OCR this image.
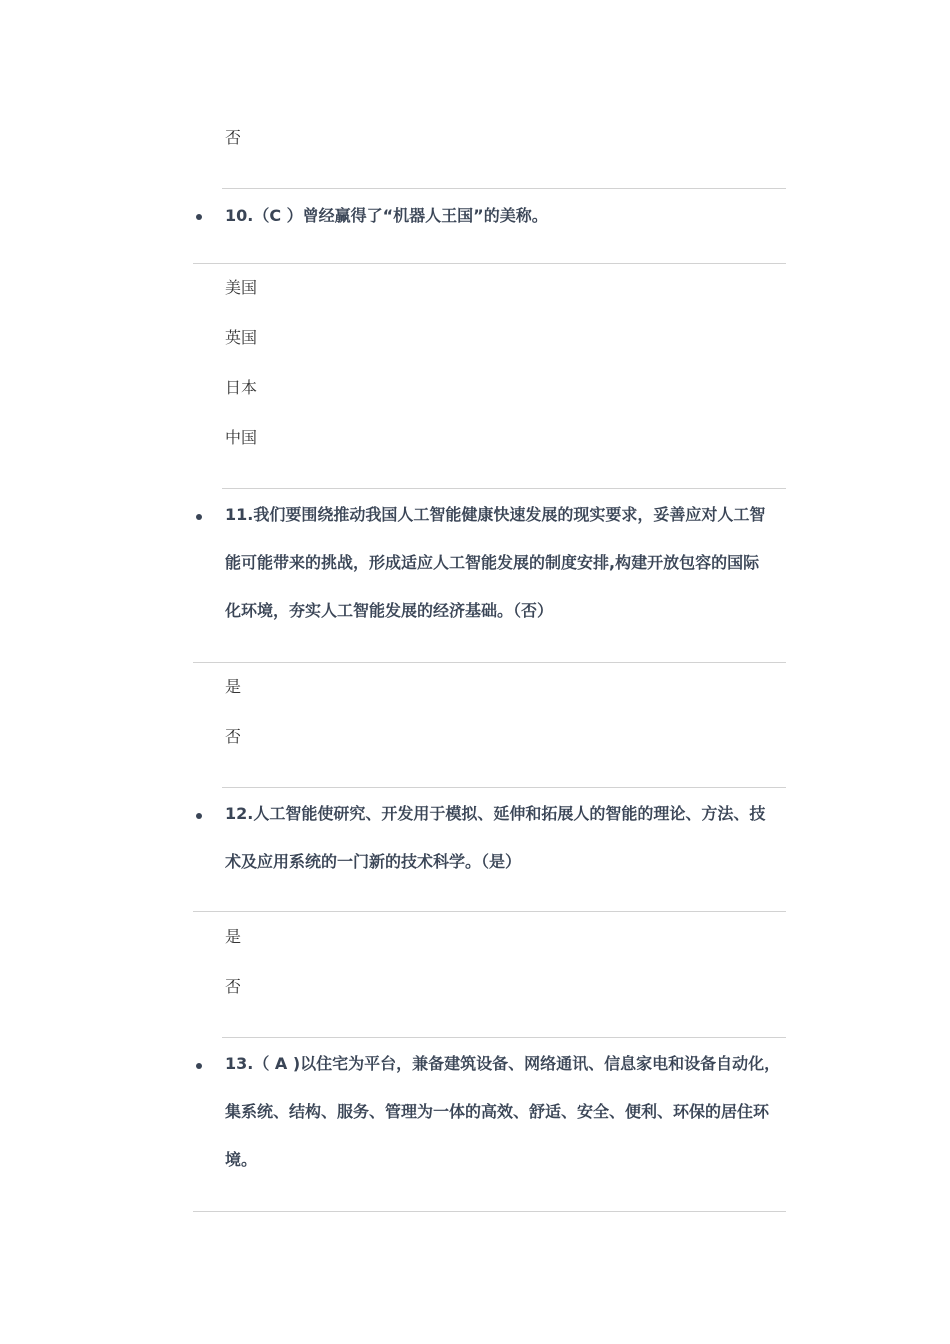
否
10.（C ）曾经赢得了“机器人王国”的美称。
美国
英国
日本
中国
11.我们要围绕推动我国人工智能健康快速发展的现实要求，妥善应对人工智
能可能带来的挑战，形成适应人工智能发展的制度安排,构建开放包容的国际
化环境，夯实人工智能发展的经济基础。（否）
是
否
12.人工智能使研究、开发用于模拟、延伸和拓展人的智能的理论、方法、技
术及应用系统的一门新的技术科学。（是）
是
否
13.（ A )以住宅为平台，兼备建筑设备、网络通讯、信息家电和设备自动化，
集系统、结构、服务、管理为一体的高效、舒适、安全、便利、环保的居住环
境。
